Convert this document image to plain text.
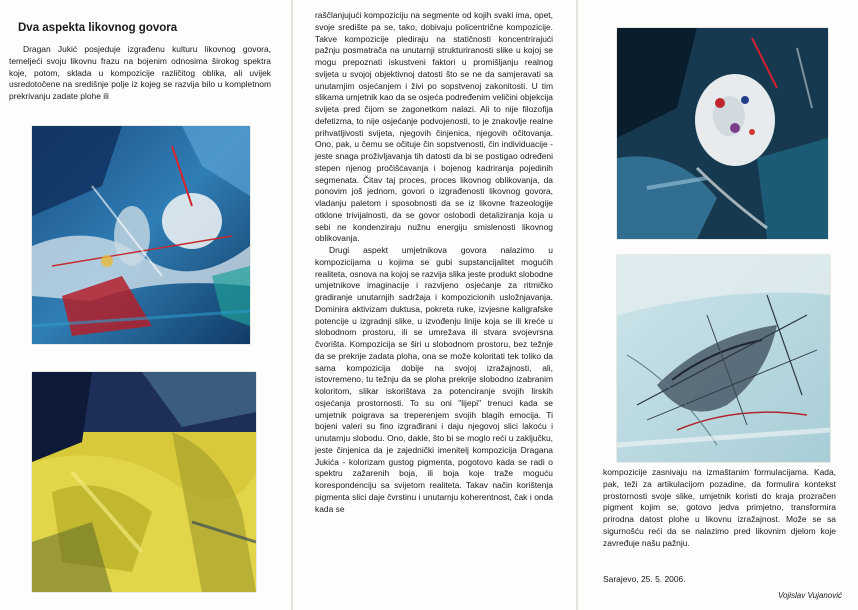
Dva aspekta likovnog govora

Dragan Jukić posjeduje izgrađenu kulturu likovnog govora, temeljeći svoju likovnu frazu na bojenim odnosima širokog spektra koje, potom, sklada u kompozicije različitog oblika, ali uvijek usredotočene na središnje polje iz kojeg se razvija bilo u kompletnom prekrivanju zadate plohe ili

raščlanjujući kompoziciju na segmente od kojih svaki ima, opet, svoje središte pa se, tako, dobivaju policentrične kompozicije. Takve kompozicije plediraju na statičnosti koncentrirajući pažnju posmatrača na unutarnji strukturiranosti slike u kojoj se mogu prepoznati iskustveni faktori u promišljanju realnog svijeta u svojoj objektivnoj datosti što se ne da samjeravati sa unutarnjim osjećanjem i živi po sopstvenoj zakonitosti. U tim slikama umjetnik kao da se osjeća podređenim veličini objekcija svijeta pred čijom se zagonetkom nalazi. Ali to nije filozofija defetizma, to nije osjećanje podvojenosti, to je znakovlje realne prihvatljivosti svijeta, njegovih činjenica, njegovih očitovanja. Ono, pak, u čemu se očituje čin sopstvenosti, čin individuacije - jeste snaga proživljavanja tih datosti da bi se postigao određeni stepen njenog pročišćavanja i bojenog kadriranja pojedinih segmenata. Čitav taj proces, proces likovnog oblikovanja, da ponovim još jednom, govori o izgrađenosti likovnog govora, vladanju paletom i sposobnosti da se iz likovne frazeologije otklone trivijalnosti, da se govor oslobodi detaliziranja koja u sebi ne kondenziraju nužnu energiju smislenosti likovnog oblikovanja.

Drugi aspekt umjetnikova govora nalazimo u kompozicijama u kojima se gubi supstancijalitet mogućih realiteta, osnova na kojoj se razvija slika jeste produkt slobodne umjetnikove imaginacije i razvijeno osjećanje za ritmičko gradiranje unutarnjih sadržaja i kompozicionih usložnjavanja. Dominira aktivizam duktusa, pokreta ruke, izvjesne kaligrafske potencije u izgradnji slike, u izvođenju linije koja se ili kreće u slobodnom prostoru, ili se umrežava ili stvara svojevrsna čvorišta. Kompozicija se širi u slobodnom prostoru, bez težnje da se prekrije zadata ploha, ona se može koloritati tek toliko da sama kompozicija dobije na svojoj izražajnosti, ali, istovremeno, tu težnju da se ploha prekrije slobodno izabranim koloritom, slikar iskorištava za potenciranje svojih lirskih osjećanja prostornosti. To su oni "lijepi" trenuci kada se umjetnik poigrava sa treperenjem svojih blagih emocija. Ti bojeni valeri su fino izgrađirani i daju njegovoj slici lakoću i unutarnju slobodu. Ono, dakle, što bi se moglo reći u zaključku, jeste činjenica da je zajednički imenitelj kompozicija Dragana Jukića - kolorizam gustog pigmenta, pogotovo kada se radi o spektru zažarenih boja, ili boja koje traže moguću korespondenciju sa svijetom realiteta. Takav način korištenja pigmenta slici daje čvrstinu i unutarnju koherentnost, čak i onda kada se

kompozicije zasnivaju na izmaštanim formulacijama. Kada, pak, teži za artikulacijom pozadine, da formulira kontekst prostornosti svoje slike, umjetnik koristi do kraja prozračen pigment kojim se, gotovo jedva primjetno, transformira prirodna datost plohe u likovnu izražajnost. Može se sa sigurnošću reći da se nalazimo pred likovnim djelom koje zavređuje našu pažnju.

Sarajevo, 25. 5. 2006.

Vojislav Vujanović
